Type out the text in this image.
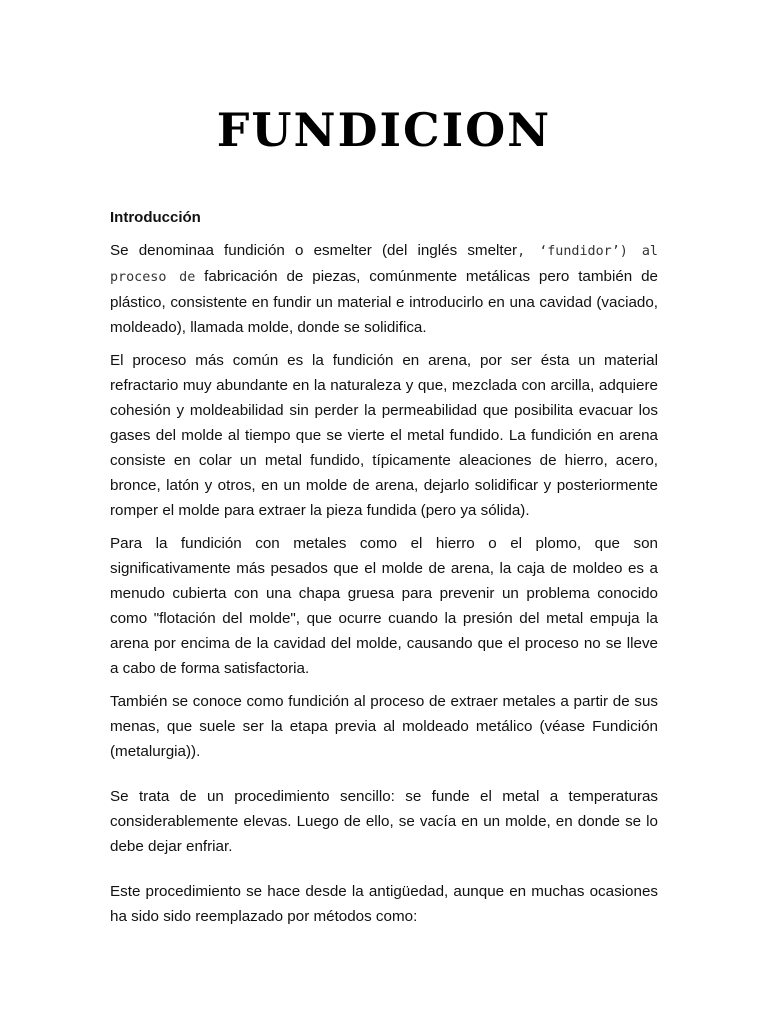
FUNDICION
Introducción

Se denominaa fundición o esmelter (del inglés smelter, ‘fundidor’) al proceso de fabricación de piezas, comúnmente metálicas pero también de plástico, consistente en fundir un material e introducirlo en una cavidad (vaciado, moldeado), llamada molde, donde se solidifica.

El proceso más común es la fundición en arena, por ser ésta un material refractario muy abundante en la naturaleza y que, mezclada con arcilla, adquiere cohesión y moldeabilidad sin perder la permeabilidad que posibilita evacuar los gases del molde al tiempo que se vierte el metal fundido. La fundición en arena consiste en colar un metal fundido, típicamente aleaciones de hierro, acero, bronce, latón y otros, en un molde de arena, dejarlo solidificar y posteriormente romper el molde para extraer la pieza fundida (pero ya sólida).

Para la fundición con metales como el hierro o el plomo, que son significativamente más pesados que el molde de arena, la caja de moldeo es a menudo cubierta con una chapa gruesa para prevenir un problema conocido como "flotación del molde", que ocurre cuando la presión del metal empuja la arena por encima de la cavidad del molde, causando que el proceso no se lleve a cabo de forma satisfactoria.

También se conoce como fundición al proceso de extraer metales a partir de sus menas, que suele ser la etapa previa al moldeado metálico (véase Fundición (metalurgia)).

Se trata de un procedimiento sencillo: se funde el metal a temperaturas considerablemente elevas. Luego de ello, se vacía en un molde, en donde se lo debe dejar enfriar.

Este procedimiento se hace desde la antigüedad, aunque en muchas ocasiones ha sido sido reemplazado por métodos como:
